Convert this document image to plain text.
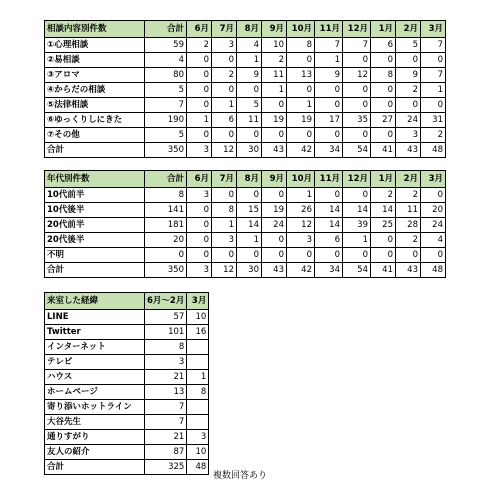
相談内容別件数	合計	6月	7月	8月	9月	10月	11月	12月	1月	2月	3月
①心理相談	59	2	3	4	10	8	7	7	6	5	7
②易相談	4	0	0	1	2	0	1	0	0	0	0
③アロマ	80	0	2	9	11	13	9	12	8	9	7
④からだの相談	5	0	0	0	1	0	0	0	0	2	1
⑤法律相談	7	0	1	5	0	1	0	0	0	0	0
⑥ゆっくりしにきた	190	1	6	11	19	19	17	35	27	24	31
⑦その他	5	0	0	0	0	0	0	0	0	3	2
合計	350	3	12	30	43	42	34	54	41	43	48
年代別件数	合計	6月	7月	8月	9月	10月	11月	12月	1月	2月	3月
10代前半	8	3	0	0	0	1	0	0	2	2	0
10代後半	141	0	8	15	19	26	14	14	14	11	20
20代前半	181	0	1	14	24	12	14	39	25	28	24
20代後半	20	0	3	1	0	3	6	1	0	2	4
不明	0	0	0	0	0	0	0	0	0	0	0
合計	350	3	12	30	43	42	34	54	41	43	48
来室した経緯	6月〜2月	3月
LINE	57	10
Twitter	101	16
インターネット	8	
テレビ	3	
ハウス	21	1
ホームページ	13	8
寄り添いホットライン	7	
大谷先生	7	
通りすがり	21	3
友人の紹介	87	10
合計	325	48
複数回答あり
